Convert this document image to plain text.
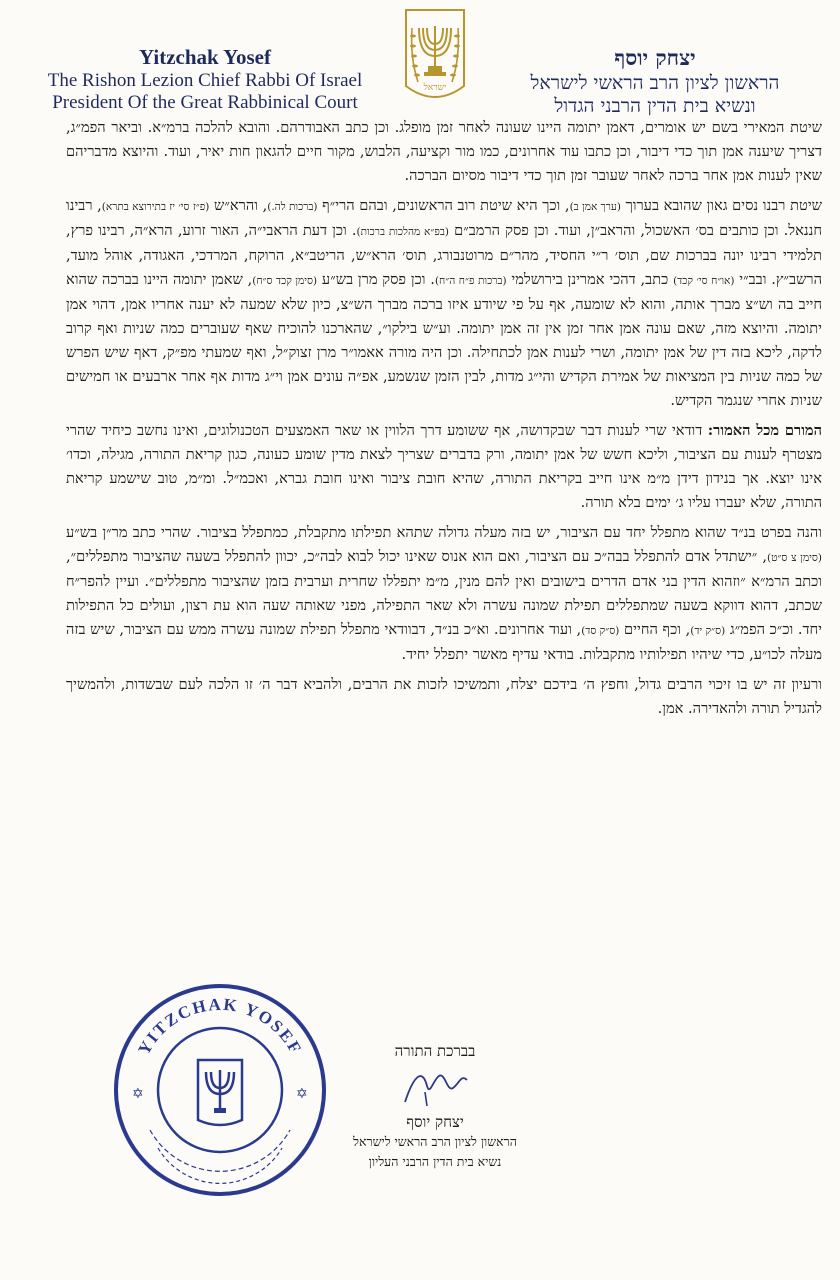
Yitzchak Yosef
The Rishon Lezion Chief Rabbi Of Israel
President Of the Great Rabbinical Court
ישראל
יצחק יוסף
הראשון לציון הרב הראשי לישראל
ונשיא בית הדין הרבני הגדול

שיטת המאירי בשם יש אומרים, דאמן יתומה היינו שעונה לאחר זמן מופלג. וכן כתב האבודרהם. והובא להלכה ברמ״א. וביאר הפמ״ג, דצריך שיענה אמן תוך כדי דיבור, וכן כתבו עוד אחרונים, כמו מור וקציעה, הלבוש, מקור חיים להגאון חות יאיר, ועוד. והיוצא מדבריהם שאין לענות אמן אחר ברכה לאחר שעובר זמן תוך כדי דיבור מסיום הברכה.

שיטת רבנו נסים גאון שהובא בערוך (ערך אמן ב), וכך היא שיטת רוב הראשונים, ובהם הרי״ף (ברכות לה.), והרא״ש (פ״ז סי׳ יז בתירוצא בתרא), רבינו חננאל. וכן כותבים בס׳ האשכול, והראב״ן, ועוד. וכן פסק הרמב״ם (בפ״א מהלכות ברכות). וכן דעת הראבי״ה, האור זרוע, הרא״ה, רבינו פרץ, תלמידי רבינו יונה בברכות שם, תוס׳ ר״י החסיד, מהר״ם מרוטנבורג, תוס׳ הרא״ש, הריטב״א, הרוקח, המרדכי, האגודה, אוהל מועד, הרשב״ץ. ובב״י (או״ח סי׳ קכד) כתב, דהכי אמרינן בירושלמי (ברכות פ״ח ה״ח). וכן פסק מרן בש״ע (סימן קכד ס״ח), שאמן יתומה היינו בברכה שהוא חייב בה וש״צ מברך אותה, והוא לא שומעה, אף על פי שיודע איזו ברכה מברך הש״צ, כיון שלא שמעה לא יענה אחריו אמן, דהוי אמן יתומה. והיוצא מזה, שאם עונה אמן אחר זמן אין זה אמן יתומה. וע״ש בילקו״, שהארכנו להוכיח שאף שעוברים כמה שניות ואף קרוב לדקה, ליכא בזה דין של אמן יתומה, ושרי לענות אמן לכתחילה. וכן היה מורה אאמו״ר מרן זצוק״ל, ואף שמעתי מפ״ק, דאף שיש הפרש של כמה שניות בין המציאות של אמירת הקדיש והי״ג מדות, לבין הזמן שנשמע, אפ״ה עונים אמן וי״ג מדות אף אחר ארבעים או חמישים שניות אחרי שנגמר הקדיש.

המורם מכל האמור: דודאי שרי לענות דבר שבקדושה, אף ששומע דרך הלווין או שאר האמצעים הטכנולוגים, ואינו נחשב כיחיד שהרי מצטרף לענות עם הציבור, וליכא חשש של אמן יתומה, ורק בדברים שצריך לצאת מדין שומע כעונה, כגון קריאת התורה, מגילה, וכדו׳ אינו יוצא. אך בנידון דידן מ״מ אינו חייב בקריאת התורה, שהיא חובת ציבור ואינו חובת גברא, ואכמ״ל. ומ״מ, טוב שישמע קריאת התורה, שלא יעברו עליו ג׳ ימים בלא תורה.

והנה בפרט בנ״ד שהוא מתפלל יחד עם הציבור, יש בזה מעלה גדולה שתהא תפילתו מתקבלת, כמתפלל בציבור. שהרי כתב מר״ן בש״ע (סימן צ ס״ט), ״ישתדל אדם להתפלל בבה״כ עם הציבור, ואם הוא אנוס שאינו יכול לבוא לבה״כ, יכוון להתפלל בשעה שהציבור מתפללים״, וכתב הרמ״א ״וזהוא הדין בני אדם הדרים בישובים ואין להם מנין, מ״מ יתפללו שחרית וערבית בזמן שהציבור מתפללים״. ועיין להפר״ח שכתב, דהוא דווקא בשעה שמתפללים תפילת שמונה עשרה ולא שאר התפילה, מפני שאותה שעה הוא עת רצון, ועולים כל התפילות יחד. וכ״כ הפמ״ג (ס״ק יד), וכף החיים (ס״ק סד), ועוד אחרונים. וא״כ בנ״ד, דבוודאי מתפלל תפילת שמונה עשרה ממש עם הציבור, שיש בזה מעלה לכו״ע, כדי שיהיו תפילותיו מתקבלות. בודאי עדיף מאשר יתפלל יחיד.

ורעיון זה יש בו זיכוי הרבים גדול, וחפץ ה׳ בידכם יצלח, ותמשיכו לזכות את הרבים, ולהביא דבר ה׳ זו הלכה לעם שבשדות, ולהמשיך להגדיל תורה ולהאדירה. אמן.

YITZCHAK YOSEF
✡	✡
בברכת התורה
יצחק יוסף
הראשון לציון הרב הראשי לישראל
נשיא בית הדין הרבני העליון
